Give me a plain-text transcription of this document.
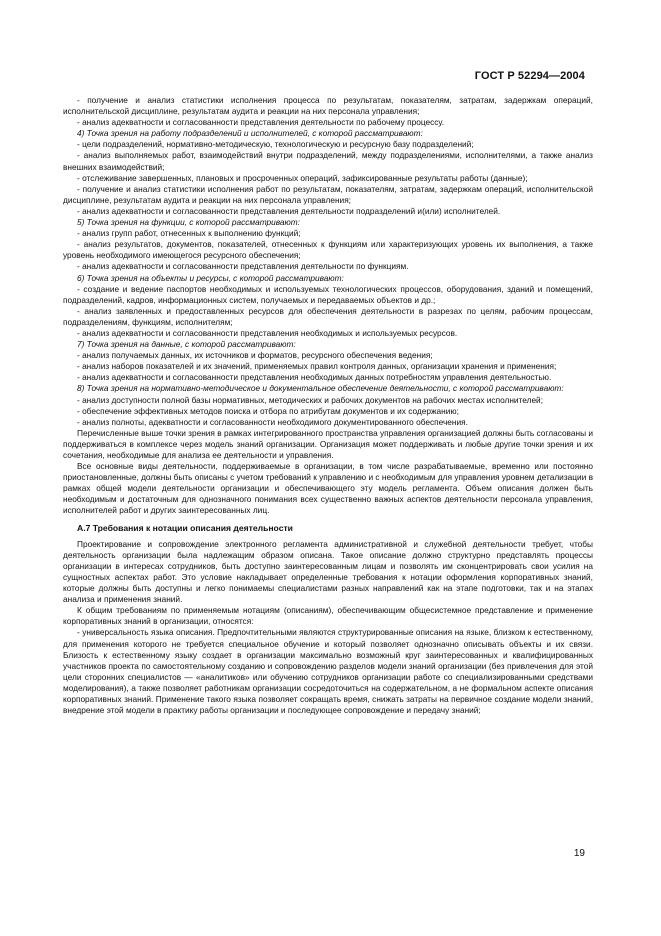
ГОСТ Р 52294—2004

- получение и анализ статистики исполнения процесса по результатам, показателям, затратам, задержкам операций, исполнительской дисциплине, результатам аудита и реакции на них персонала управления;

- анализ адекватности и согласованности представления деятельности по рабочему процессу.

4) Точка зрения на работу подразделений и исполнителей, с которой рассматривают:

- цели подразделений, нормативно-методическую, технологическую и ресурсную базу подразделений;

- анализ выполняемых работ, взаимодействий внутри подразделений, между подразделениями, исполнителями, а также анализ внешних взаимодействий;

- отслеживание завершенных, плановых и просроченных операций, зафиксированные результаты работы (данные);

- получение и анализ статистики исполнения работ по результатам, показателям, затратам, задержкам операций, исполнительской дисциплине, результатам аудита и реакции на них персонала управления;

- анализ адекватности и согласованности представления деятельности подразделений и(или) исполнителей.

5) Точка зрения на функции, с которой рассматривают:

- анализ групп работ, отнесенных к выполнению функций;

- анализ результатов, документов, показателей, отнесенных к функциям или характеризующих уровень их выполнения, а также уровень необходимого имеющегося ресурсного обеспечения;

- анализ адекватности и согласованности представления деятельности по функциям.

6) Точка зрения на объекты и ресурсы, с которой рассматривают:

- создание и ведение паспортов необходимых и используемых технологических процессов, оборудования, зданий и помещений, подразделений, кадров, информационных систем, получаемых и передаваемых объектов и др.;

- анализ заявленных и предоставленных ресурсов для обеспечения деятельности в разрезах по целям, рабочим процессам, подразделениям, функциям, исполнителям;

- анализ адекватности и согласованности представления необходимых и используемых ресурсов.

7) Точка зрения на данные, с которой рассматривают:

- анализ получаемых данных, их источников и форматов, ресурсного обеспечения ведения;

- анализ наборов показателей и их значений, применяемых правил контроля данных, организации хранения и применения;

- анализ адекватности и согласованности представления необходимых данных потребностям управления деятельностью.

8) Точка зрения на нормативно-методическое и документальное обеспечение деятельности, с которой рассматривают:

- анализ доступности полной базы нормативных, методических и рабочих документов на рабочих местах исполнителей;

- обеспечение эффективных методов поиска и отбора по атрибутам документов и их содержанию;

- анализ полноты, адекватности и согласованности необходимого документированного обеспечения.

Перечисленные выше точки зрения в рамках интегрированного пространства управления организацией должны быть согласованы и поддерживаться в комплексе через модель знаний организации. Организация может поддерживать и любые другие точки зрения и их сочетания, необходимые для анализа ее деятельности и управления.

Все основные виды деятельности, поддерживаемые в организации, в том числе разрабатываемые, временно или постоянно приостановленные, должны быть описаны с учетом требований к управлению и с необходимым для управления уровнем детализации в рамках общей модели деятельности организации и обеспечивающего эту модель регламента. Объем описания должен быть необходимым и достаточным для однозначного понимания всех существенно важных аспектов деятельности персонала управления, исполнителей работ и других заинтересованных лиц.

А.7 Требования к нотации описания деятельности

Проектирование и сопровождение электронного регламента административной и служебной деятельности требует, чтобы деятельность организации была надлежащим образом описана. Такое описание должно структурно представлять процессы организации в интересах сотрудников, быть доступно заинтересованным лицам и позволять им сконцентрировать свои усилия на сущностных аспектах работ. Это условие накладывает определенные требования к нотации оформления корпоративных знаний, которые должны быть доступны и легко понимаемы специалистами разных направлений как на этапе подготовки, так и на этапах анализа и применения знаний.

К общим требованиям по применяемым нотациям (описаниям), обеспечивающим общесистемное представление и применение корпоративных знаний в организации, относятся:

- универсальность языка описания. Предпочтительными являются структурированные описания на языке, близком к естественному, для применения которого не требуется специальное обучение и который позволяет однозначно описывать объекты и их связи. Близость к естественному языку создает в организации максимально возможный круг заинтересованных и квалифицированных участников проекта по самостоятельному созданию и сопровождению разделов модели знаний организации (без привлечения для этой цели сторонних специалистов — «аналитиков» или обучению сотрудников организации работе со специализированными средствами моделирования), а также позволяет работникам организации сосредоточиться на содержательном, а не формальном аспекте описания корпоративных знаний. Применение такого языка позволяет сокращать время, снижать затраты на первичное создание модели знаний, внедрение этой модели в практику работы организации и последующее сопровождение и передачу знаний;

19
